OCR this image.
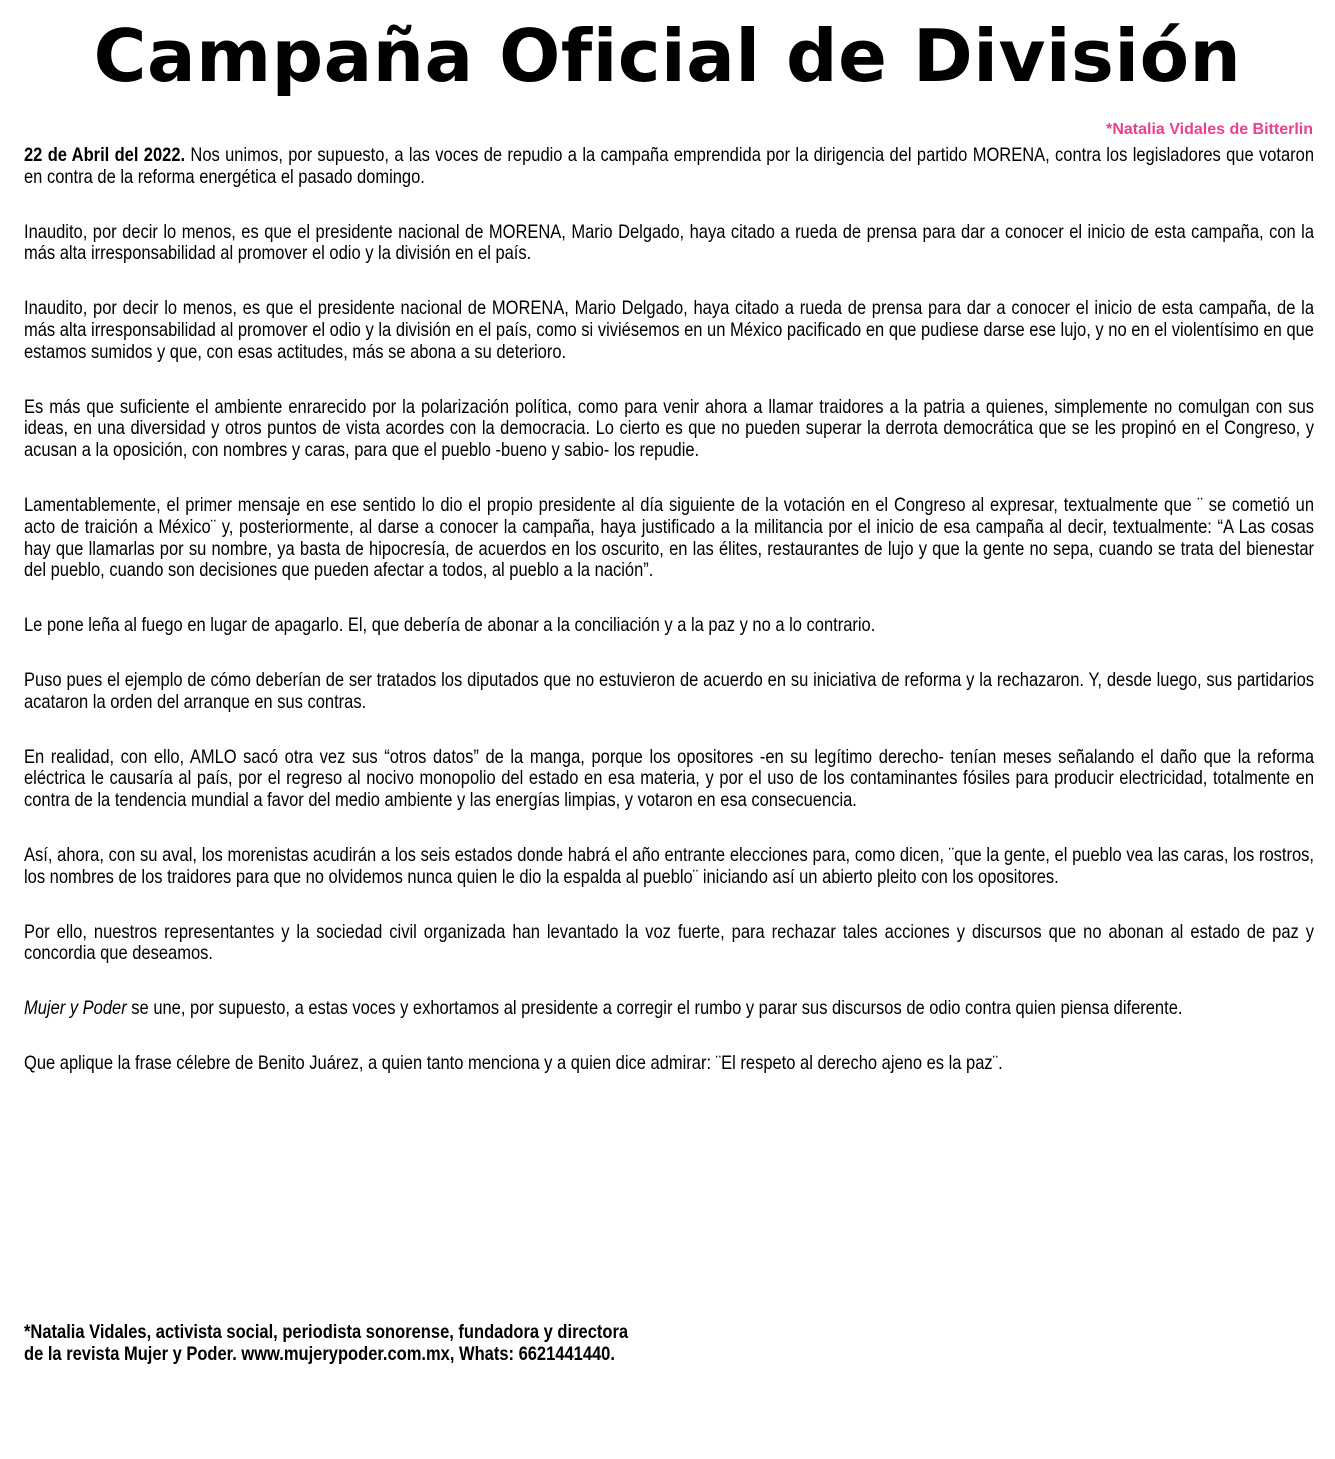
Campaña Oficial de División

*Natalia Vidales de Bitterlin

22 de Abril del 2022. Nos unimos, por supuesto, a las voces de repudio a la campaña emprendida por la dirigencia del partido MORENA, contra los legisladores que votaron en contra de la reforma energética el pasado domingo.

Inaudito, por decir lo menos, es que el presidente nacional de MORENA, Mario Delgado, haya citado a rueda de prensa para dar a conocer el inicio de esta campaña, con la más alta irresponsabilidad al promover el odio y la división en el país.

Inaudito, por decir lo menos, es que el presidente nacional de MORENA, Mario Delgado, haya citado a rueda de prensa para dar a conocer el inicio de esta campaña, de la más alta irresponsabilidad al promover el odio y la división en el país, como si viviésemos en un México pacificado en que pudiese darse ese lujo, y no en el violentísimo en que estamos sumidos y que, con esas actitudes, más se abona a su deterioro.

Es más que suficiente el ambiente enrarecido por la polarización política, como para venir ahora a llamar traidores a la patria a quienes, simplemente no comulgan con sus ideas, en una diversidad y otros puntos de vista acordes con la democracia. Lo cierto es que no pueden superar la derrota democrática que se les propinó en el Congreso, y acusan a la oposición, con nombres y caras, para que el pueblo -bueno y sabio- los repudie.

Lamentablemente, el primer mensaje en ese sentido lo dio el propio presidente al día siguiente de la votación en el Congreso al expresar, textualmente que ¨ se cometió un acto de traición a México¨ y, posteriormente, al darse a conocer la campaña, haya justificado a la militancia por el inicio de esa campaña al decir, textualmente: “A Las cosas hay que llamarlas por su nombre, ya basta de hipocresía, de acuerdos en los oscurito, en las élites, restaurantes de lujo y que la gente no sepa, cuando se trata del bienestar del pueblo, cuando son decisiones que pueden afectar a todos, al pueblo a la nación”.

Le pone leña al fuego en lugar de apagarlo. El, que debería de abonar a la conciliación y a la paz y no a lo contrario.

Puso pues el ejemplo de cómo deberían de ser tratados los diputados que no estuvieron de acuerdo en su iniciativa de reforma y la rechazaron. Y, desde luego, sus partidarios acataron la orden del arranque en sus contras.

En realidad, con ello, AMLO sacó otra vez sus “otros datos” de la manga, porque los opositores -en su legítimo derecho- tenían meses señalando el daño que la reforma eléctrica le causaría al país, por el regreso al nocivo monopolio del estado en esa materia, y por el uso de los contaminantes fósiles para producir electricidad, totalmente en contra de la tendencia mundial a favor del medio ambiente y las energías limpias, y votaron en esa consecuencia.

Así, ahora, con su aval, los morenistas acudirán a los seis estados donde habrá el año entrante elecciones para, como dicen, ¨que la gente, el pueblo vea las caras, los rostros, los nombres de los traidores para que no olvidemos nunca quien le dio la espalda al pueblo¨ iniciando así un abierto pleito con los opositores.

Por ello, nuestros representantes y la sociedad civil organizada han levantado la voz fuerte, para rechazar tales acciones y discursos que no abonan al estado de paz y concordia que deseamos.

Mujer y Poder se une, por supuesto, a estas voces y exhortamos al presidente a corregir el rumbo y parar sus discursos de odio contra quien piensa diferente.

Que aplique la frase célebre de Benito Juárez, a quien tanto menciona y a quien dice admirar: ¨El respeto al derecho ajeno es la paz¨.

*Natalia Vidales, activista social, periodista sonorense, fundadora y directora
de la revista Mujer y Poder. www.mujerypoder.com.mx, Whats: 6621441440.
